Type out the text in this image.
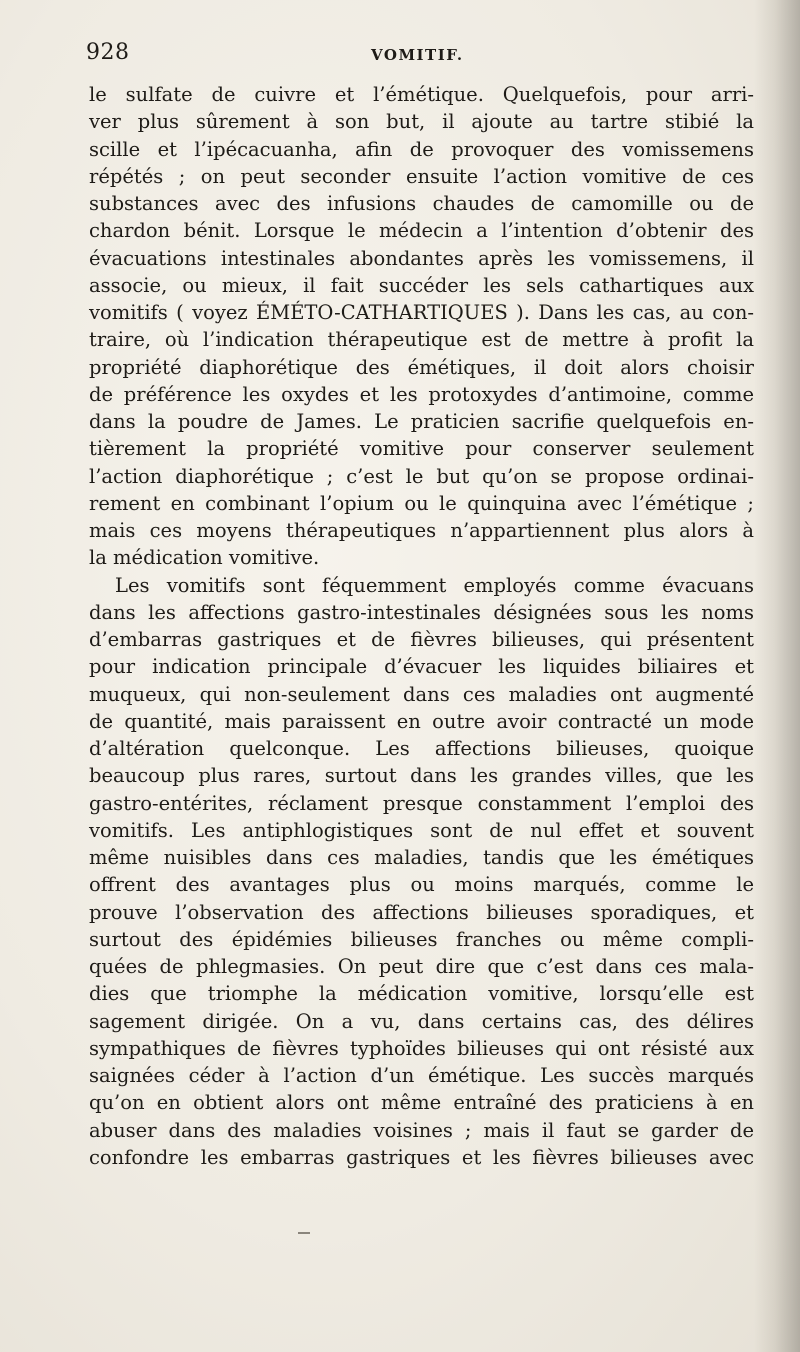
928	VOMITIF.
le sulfate de cuivre et l’émétique. Quelquefois, pour arri-
ver plus sûrement à son but, il ajoute au tartre stibié la
scille et l’ipécacuanha, afin de provoquer des vomissemens
répétés ; on peut seconder ensuite l’action vomitive de ces
substances avec des infusions chaudes de camomille ou de
chardon bénit. Lorsque le médecin a l’intention d’obtenir des
évacuations intestinales abondantes après les vomissemens, il
associe, ou mieux, il fait succéder les sels cathartiques aux
vomitifs ( voyez ÉMÉTO-CATHARTIQUES ). Dans les cas, au con-
traire, où l’indication thérapeutique est de mettre à profit la
propriété diaphorétique des émétiques, il doit alors choisir
de préférence les oxydes et les protoxydes d’antimoine, comme
dans la poudre de James. Le praticien sacrifie quelquefois en-
tièrement la propriété vomitive pour conserver seulement
l’action diaphorétique ; c’est le but qu’on se propose ordinai-
rement en combinant l’opium ou le quinquina avec l’émétique ;
mais ces moyens thérapeutiques n’appartiennent plus alors à
la médication vomitive.
Les vomitifs sont féquemment employés comme évacuans
dans les affections gastro-intestinales désignées sous les noms
d’embarras gastriques et de fièvres bilieuses, qui présentent
pour indication principale d’évacuer les liquides biliaires et
muqueux, qui non-seulement dans ces maladies ont augmenté
de quantité, mais paraissent en outre avoir contracté un mode
d’altération quelconque. Les affections bilieuses, quoique
beaucoup plus rares, surtout dans les grandes villes, que les
gastro-entérites, réclament presque constamment l’emploi des
vomitifs. Les antiphlogistiques sont de nul effet et souvent
même nuisibles dans ces maladies, tandis que les émétiques
offrent des avantages plus ou moins marqués, comme le
prouve l’observation des affections bilieuses sporadiques, et
surtout des épidémies bilieuses franches ou même compli-
quées de phlegmasies. On peut dire que c’est dans ces mala-
dies que triomphe la médication vomitive, lorsqu’elle est
sagement dirigée. On a vu, dans certains cas, des délires
sympathiques de fièvres typhoïdes bilieuses qui ont résisté aux
saignées céder à l’action d’un émétique. Les succès marqués
qu’on en obtient alors ont même entraîné des praticiens à en
abuser dans des maladies voisines ; mais il faut se garder de
confondre les embarras gastriques et les fièvres bilieuses avec
